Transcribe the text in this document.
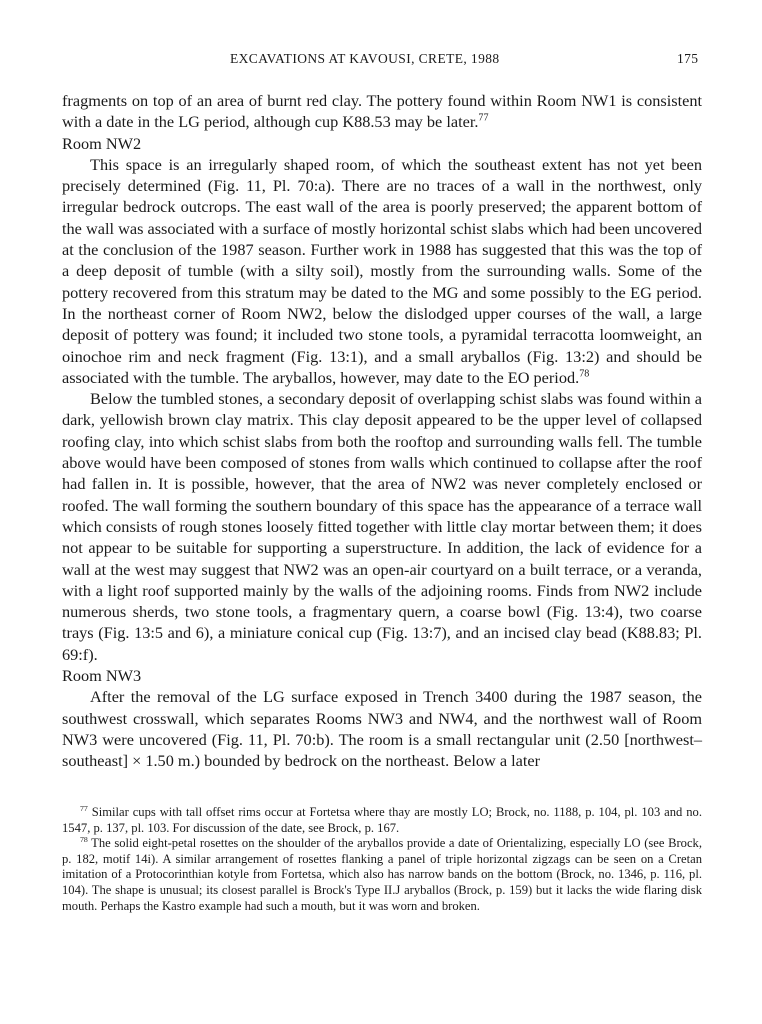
EXCAVATIONS AT KAVOUSI, CRETE, 1988	175

fragments on top of an area of burnt red clay. The pottery found within Room NW1 is consistent with a date in the LG period, although cup K88.53 may be later.$^{77}$

Room NW2

This space is an irregularly shaped room, of which the southeast extent has not yet been precisely determined (Fig. 11, Pl. 70:a). There are no traces of a wall in the northwest, only irregular bedrock outcrops. The east wall of the area is poorly preserved; the apparent bottom of the wall was associated with a surface of mostly horizontal schist slabs which had been uncovered at the conclusion of the 1987 season. Further work in 1988 has suggested that this was the top of a deep deposit of tumble (with a silty soil), mostly from the surrounding walls. Some of the pottery recovered from this stratum may be dated to the MG and some possibly to the EG period. In the northeast corner of Room NW2, below the dislodged upper courses of the wall, a large deposit of pottery was found; it included two stone tools, a pyramidal terracotta loomweight, an oinochoe rim and neck fragment (Fig. 13:1), and a small aryballos (Fig. 13:2) and should be associated with the tumble. The aryballos, however, may date to the EO period.$^{78}$

Below the tumbled stones, a secondary deposit of overlapping schist slabs was found within a dark, yellowish brown clay matrix. This clay deposit appeared to be the upper level of collapsed roofing clay, into which schist slabs from both the rooftop and surrounding walls fell. The tumble above would have been composed of stones from walls which continued to collapse after the roof had fallen in. It is possible, however, that the area of NW2 was never completely enclosed or roofed. The wall forming the southern boundary of this space has the appearance of a terrace wall which consists of rough stones loosely fitted together with little clay mortar between them; it does not appear to be suitable for supporting a superstructure. In addition, the lack of evidence for a wall at the west may suggest that NW2 was an open-air courtyard on a built terrace, or a veranda, with a light roof supported mainly by the walls of the adjoining rooms. Finds from NW2 include numerous sherds, two stone tools, a fragmentary quern, a coarse bowl (Fig. 13:4), two coarse trays (Fig. 13:5 and 6), a miniature conical cup (Fig. 13:7), and an incised clay bead (K88.83; Pl. 69:f).

Room NW3

After the removal of the LG surface exposed in Trench 3400 during the 1987 season, the southwest crosswall, which separates Rooms NW3 and NW4, and the northwest wall of Room NW3 were uncovered (Fig. 11, Pl. 70:b). The room is a small rectangular unit (2.50 [northwest–southeast] × 1.50 m.) bounded by bedrock on the northeast. Below a later

$^{77}$ Similar cups with tall offset rims occur at Fortetsa where thay are mostly LO; Brock, no. 1188, p. 104, pl. 103 and no. 1547, p. 137, pl. 103. For discussion of the date, see Brock, p. 167.

$^{78}$ The solid eight-petal rosettes on the shoulder of the aryballos provide a date of Orientalizing, especially LO (see Brock, p. 182, motif 14i). A similar arrangement of rosettes flanking a panel of triple horizontal zigzags can be seen on a Cretan imitation of a Protocorinthian kotyle from Fortetsa, which also has narrow bands on the bottom (Brock, no. 1346, p. 116, pl. 104). The shape is unusual; its closest parallel is Brock's Type II.J aryballos (Brock, p. 159) but it lacks the wide flaring disk mouth. Perhaps the Kastro example had such a mouth, but it was worn and broken.
